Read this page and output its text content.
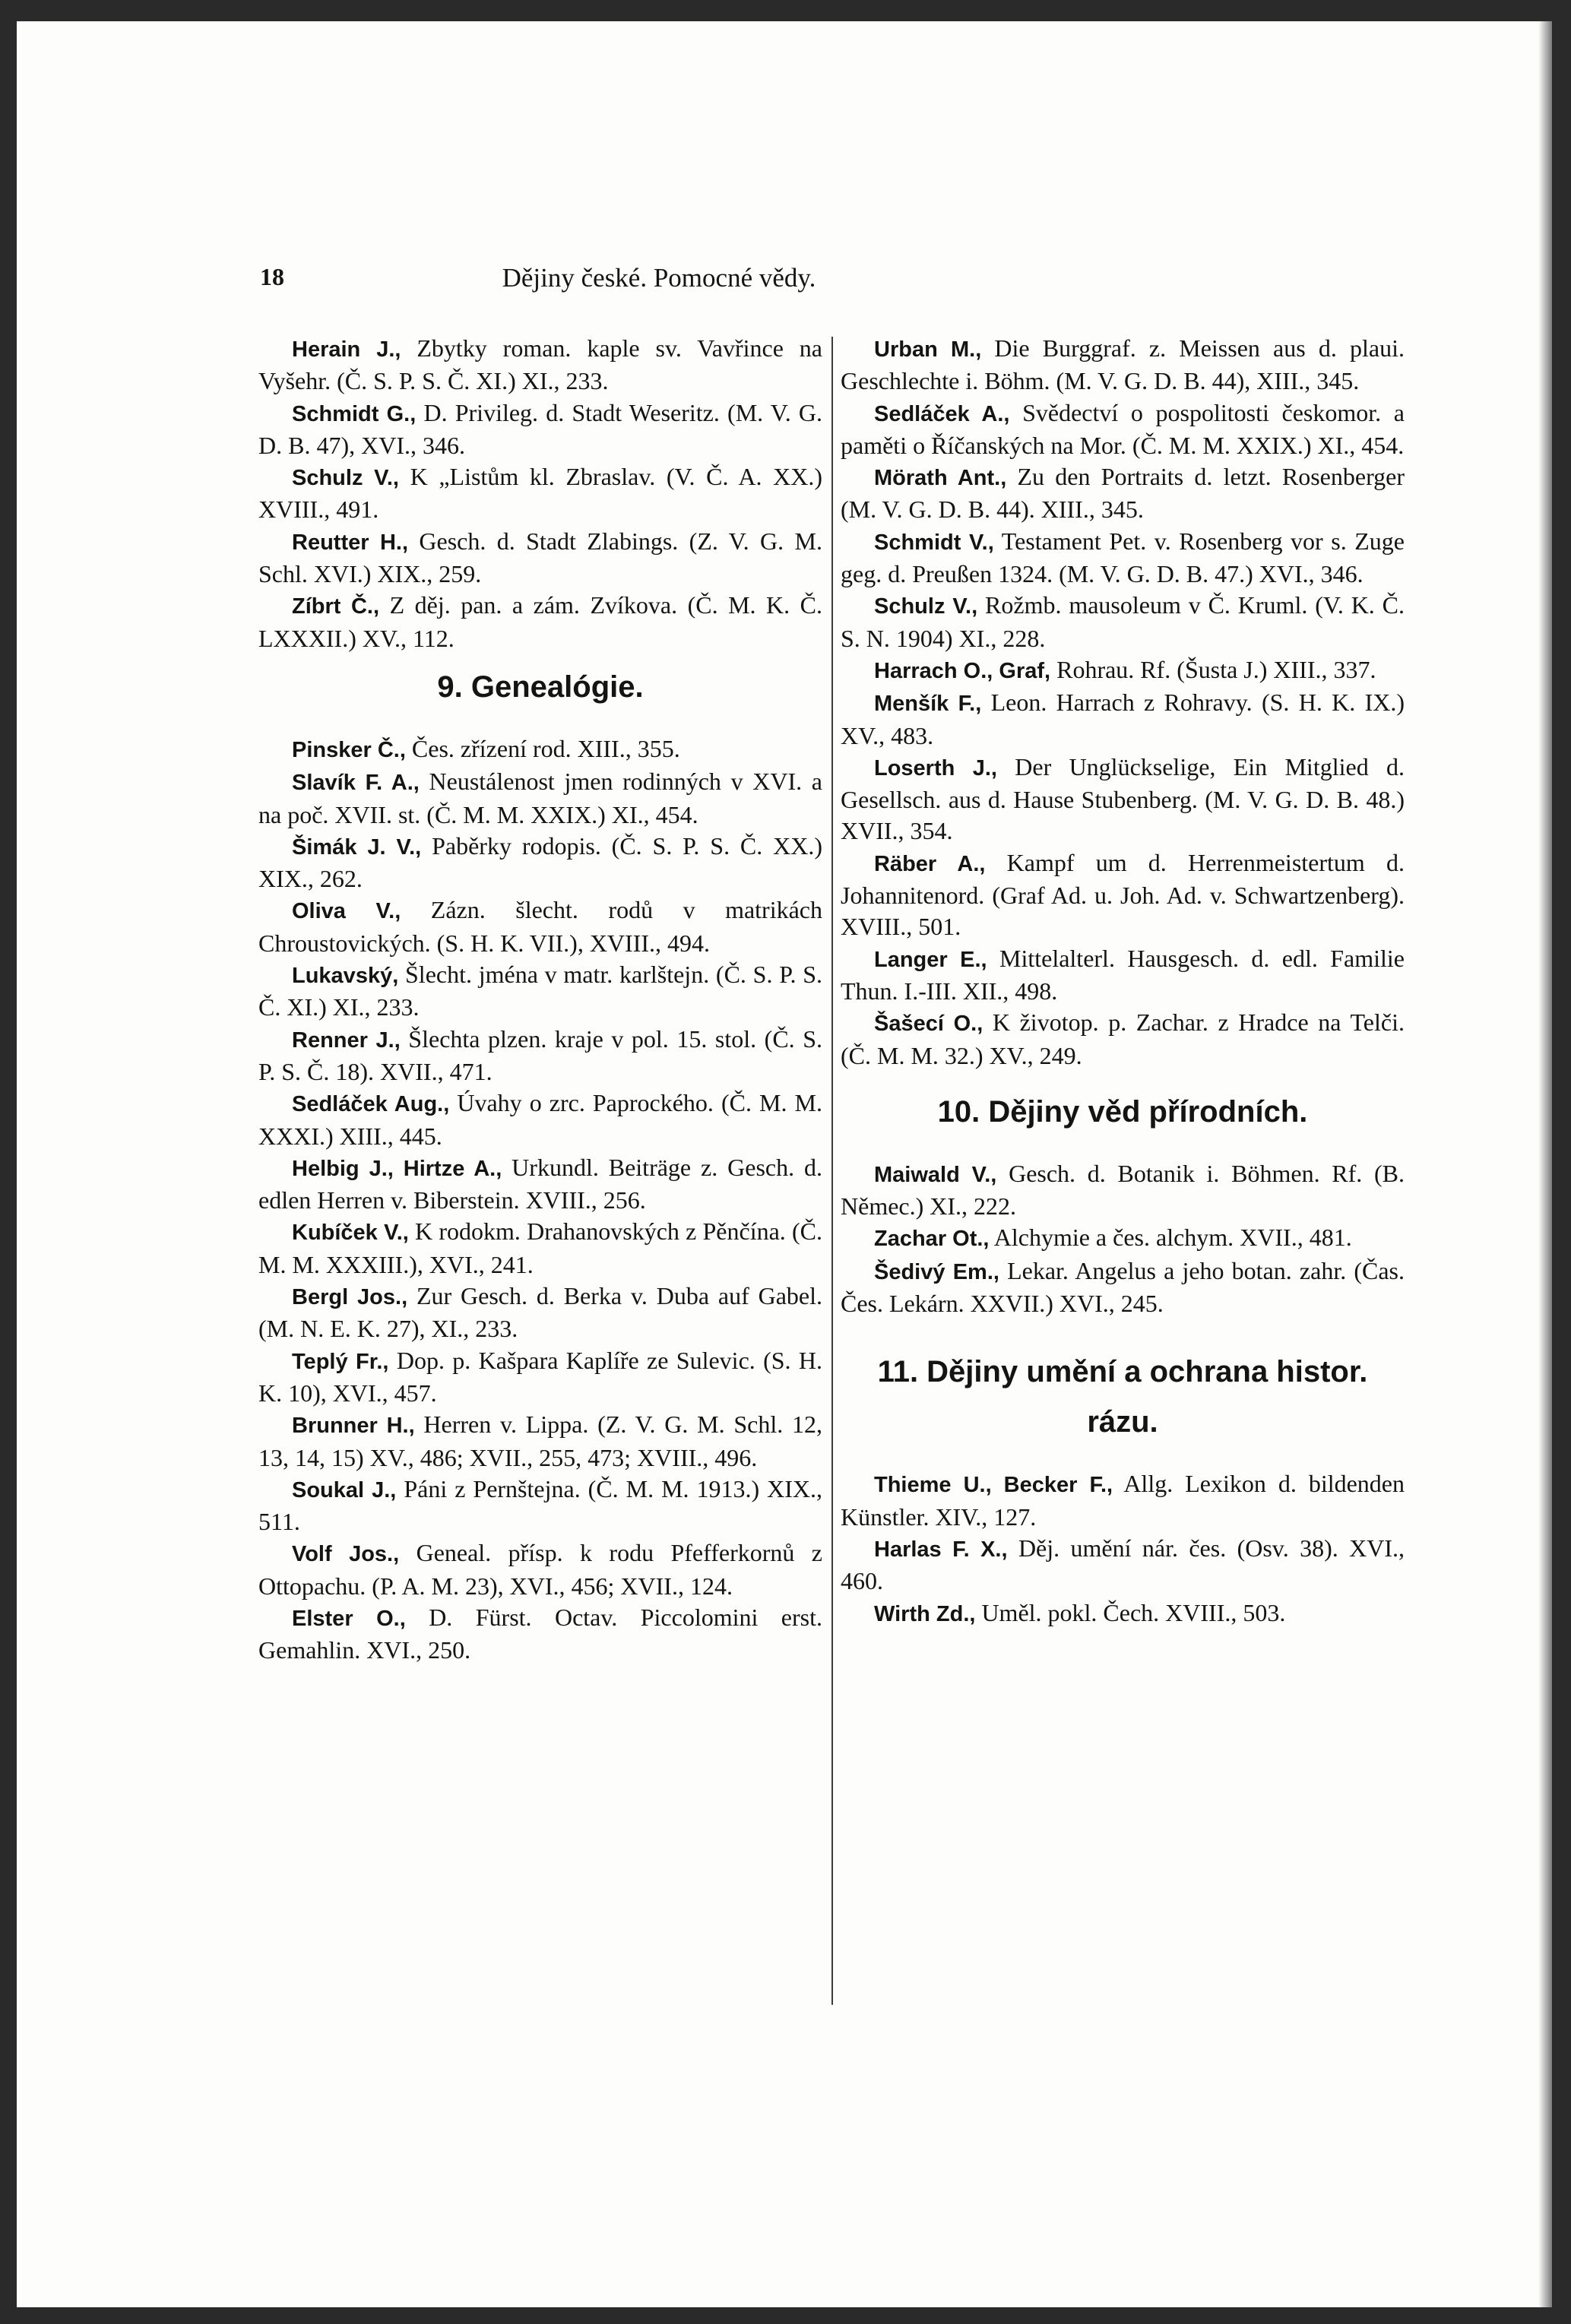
18	Dějiny české. Pomocné vědy.

Herain J., Zbytky roman. kaple sv. Vavřince na Vyšehr. (Č. S. P. S. Č. XI.) XI., 233.

Schmidt G., D. Privileg. d. Stadt Weseritz. (M. V. G. D. B. 47), XVI., 346.

Schulz V., K „Listům kl. Zbraslav. (V. Č. A. XX.) XVIII., 491.

Reutter H., Gesch. d. Stadt Zlabings. (Z. V. G. M. Schl. XVI.) XIX., 259.

Zíbrt Č., Z děj. pan. a zám. Zvíkova. (Č. M. K. Č. LXXXII.) XV., 112.

9. Genealógie.

Pinsker Č., Čes. zřízení rod. XIII., 355.

Slavík F. A., Neustálenost jmen rodinných v XVI. a na poč. XVII. st. (Č. M. M. XXIX.) XI., 454.

Šimák J. V., Paběrky rodopis. (Č. S. P. S. Č. XX.) XIX., 262.

Oliva V., Zázn. šlecht. rodů v matrikách Chroustovických. (S. H. K. VII.), XVIII., 494.

Lukavský, Šlecht. jména v matr. karlštejn. (Č. S. P. S. Č. XI.) XI., 233.

Renner J., Šlechta plzen. kraje v pol. 15. stol. (Č. S. P. S. Č. 18). XVII., 471.

Sedláček Aug., Úvahy o zrc. Paprockého. (Č. M. M. XXXI.) XIII., 445.

Helbig J., Hirtze A., Urkundl. Beiträge z. Gesch. d. edlen Herren v. Biberstein. XVIII., 256.

Kubíček V., K rodokm. Drahanovských z Pěnčína. (Č. M. M. XXXIII.), XVI., 241.

Bergl Jos., Zur Gesch. d. Berka v. Duba auf Gabel. (M. N. E. K. 27), XI., 233.

Teplý Fr., Dop. p. Kašpara Kaplíře ze Sulevic. (S. H. K. 10), XVI., 457.

Brunner H., Herren v. Lippa. (Z. V. G. M. Schl. 12, 13, 14, 15) XV., 486; XVII., 255, 473; XVIII., 496.

Soukal J., Páni z Pernštejna. (Č. M. M. 1913.) XIX., 511.

Volf Jos., Geneal. přísp. k rodu Pfefferkornů z Ottopachu. (P. A. M. 23), XVI., 456; XVII., 124.

Elster O., D. Fürst. Octav. Piccolomini erst. Gemahlin. XVI., 250.

Urban M., Die Burggraf. z. Meissen aus d. plaui. Geschlechte i. Böhm. (M. V. G. D. B. 44), XIII., 345.

Sedláček A., Svědectví o pospolitosti českomor. a paměti o Říčanských na Mor. (Č. M. M. XXIX.) XI., 454.

Mörath Ant., Zu den Portraits d. letzt. Rosenberger (M. V. G. D. B. 44). XIII., 345.

Schmidt V., Testament Pet. v. Rosenberg vor s. Zuge geg. d. Preußen 1324. (M. V. G. D. B. 47.) XVI., 346.

Schulz V., Rožmb. mausoleum v Č. Kruml. (V. K. Č. S. N. 1904) XI., 228.

Harrach O., Graf, Rohrau. Rf. (Šusta J.) XIII., 337.

Menšík F., Leon. Harrach z Rohravy. (S. H. K. IX.) XV., 483.

Loserth J., Der Unglückselige, Ein Mitglied d. Gesellsch. aus d. Hause Stubenberg. (M. V. G. D. B. 48.) XVII., 354.

Räber A., Kampf um d. Herrenmeistertum d. Johannitenord. (Graf Ad. u. Joh. Ad. v. Schwartzenberg). XVIII., 501.

Langer E., Mittelalterl. Hausgesch. d. edl. Familie Thun. I.-III. XII., 498.

Šašecí O., K životop. p. Zachar. z Hradce na Telči. (Č. M. M. 32.) XV., 249.

10. Dějiny věd přírodních.

Maiwald V., Gesch. d. Botanik i. Böhmen. Rf. (B. Němec.) XI., 222.

Zachar Ot., Alchymie a čes. alchym. XVII., 481.

Šedivý Em., Lekar. Angelus a jeho botan. zahr. (Čas. Čes. Lekárn. XXVII.) XVI., 245.

11. Dějiny umění a ochrana histor. rázu.

Thieme U., Becker F., Allg. Lexikon d. bildenden Künstler. XIV., 127.

Harlas F. X., Děj. umění nár. čes. (Osv. 38). XVI., 460.

Wirth Zd., Uměl. pokl. Čech. XVIII., 503.
